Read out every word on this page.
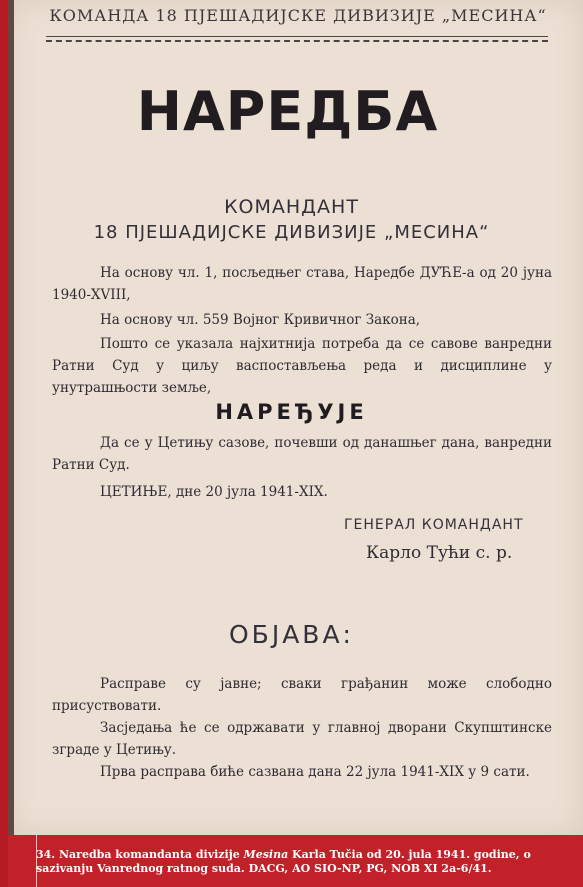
КОМАНДА 18 ПЈЕШАДИЈСКЕ ДИВИЗИЈЕ „МЕСИНА“
НАРЕДБА
КОМАНДАНТ
18 ПЈЕШАДИЈСКЕ ДИВИЗИЈЕ „МЕСИНА“
На основу чл. 1, посљедњег става, Наредбе ДУЋЕ-а од 20 јуна 1940-XVIII,
На основу чл. 559 Војног Кривичног Закона,
Пошто се указала најхитнија потреба да се савове ванредни Ратни Суд у циљу васпостављења реда и дисциплине у унутрашњости земље,
НАРЕЂУЈЕ
Да се у Цетињу сазове, почевши од данашњег дана, ванредни Ратни Суд.
ЦЕТИЊЕ, дне 20 јула 1941-XIX.
ГЕНЕРАЛ КОМАНДАНТ
Карло Тући с. р.
ОБЈАВА:
Расправе су јавне; сваки грађанин може слободно присуствовати.
Засједања ће се одржавати у главној дворани Скупштинске зграде у Цетињу.
Прва расправа биће сазвана дана 22 јула 1941-XIX у 9 сати.
34. Naredba komandanta divizije Mesina Karla Tučia od 20. jula 1941. godine, o sazivanju Vanrednog ratnog suda. DACG, AO SIO-NP, PG, NOB XI 2a-6/41.
